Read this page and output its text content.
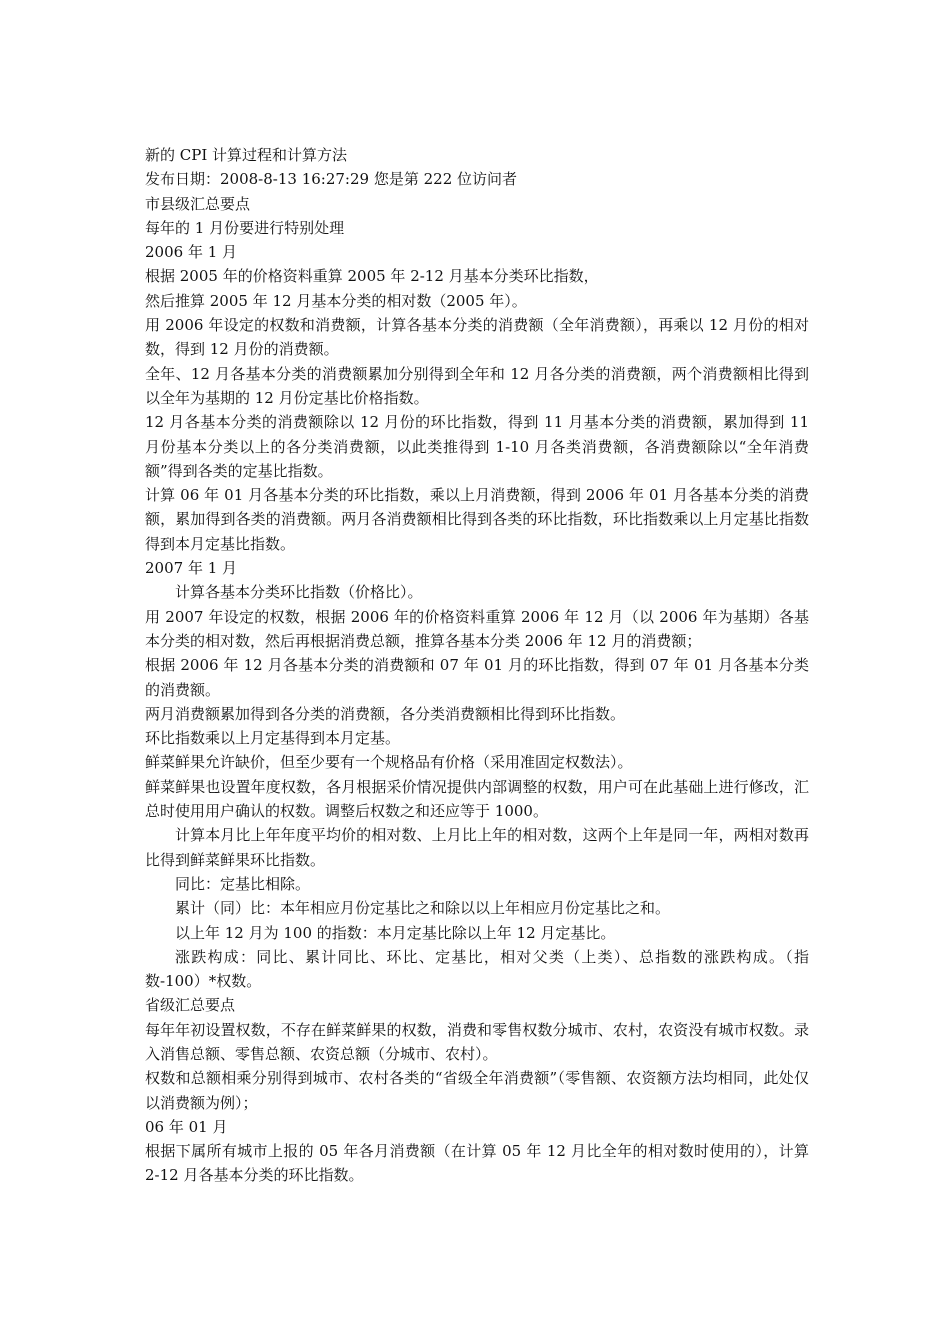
新的 CPI 计算过程和计算方法

发布日期：2008-8-13 16:27:29 您是第 222 位访问者

市县级汇总要点

每年的 1 月份要进行特别处理

2006 年 1 月

根据 2005 年的价格资料重算 2005 年 2-12 月基本分类环比指数，

然后推算 2005 年 12 月基本分类的相对数（2005 年）。

用 2006 年设定的权数和消费额，计算各基本分类的消费额（全年消费额），再乘以 12 月份的相对数，得到 12 月份的消费额。

全年、12 月各基本分类的消费额累加分别得到全年和 12 月各分类的消费额，两个消费额相比得到以全年为基期的 12 月份定基比价格指数。

12 月各基本分类的消费额除以 12 月份的环比指数，得到 11 月基本分类的消费额，累加得到 11 月份基本分类以上的各分类消费额，以此类推得到 1-10 月各类消费额，各消费额除以“全年消费额”得到各类的定基比指数。

计算 06 年 01 月各基本分类的环比指数，乘以上月消费额，得到 2006 年 01 月各基本分类的消费额，累加得到各类的消费额。两月各消费额相比得到各类的环比指数，环比指数乘以上月定基比指数得到本月定基比指数。

2007 年 1 月

计算各基本分类环比指数（价格比）。

用 2007 年设定的权数，根据 2006 年的价格资料重算 2006 年 12 月（以 2006 年为基期）各基本分类的相对数，然后再根据消费总额，推算各基本分类 2006 年 12 月的消费额；

根据 2006 年 12 月各基本分类的消费额和 07 年 01 月的环比指数，得到 07 年 01 月各基本分类的消费额。

两月消费额累加得到各分类的消费额，各分类消费额相比得到环比指数。

环比指数乘以上月定基得到本月定基。

鲜菜鲜果允许缺价，但至少要有一个规格品有价格（采用准固定权数法）。

鲜菜鲜果也设置年度权数，各月根据采价情况提供内部调整的权数，用户可在此基础上进行修改，汇总时使用用户确认的权数。调整后权数之和还应等于 1000。

计算本月比上年年度平均价的相对数、上月比上年的相对数，这两个上年是同一年，两相对数再比得到鲜菜鲜果环比指数。

同比：定基比相除。

累计（同）比：本年相应月份定基比之和除以以上年相应月份定基比之和。

以上年 12 月为 100 的指数：本月定基比除以上年 12 月定基比。

涨跌构成：同比、累计同比、环比、定基比，相对父类（上类）、总指数的涨跌构成。（指数-100）*权数。

省级汇总要点

每年年初设置权数，不存在鲜菜鲜果的权数，消费和零售权数分城市、农村，农资没有城市权数。录入消售总额、零售总额、农资总额（分城市、农村）。

权数和总额相乘分别得到城市、农村各类的“省级全年消费额”（零售额、农资额方法均相同，此处仅以消费额为例）；

06 年 01 月

根据下属所有城市上报的 05 年各月消费额（在计算 05 年 12 月比全年的相对数时使用的），计算 2-12 月各基本分类的环比指数。
